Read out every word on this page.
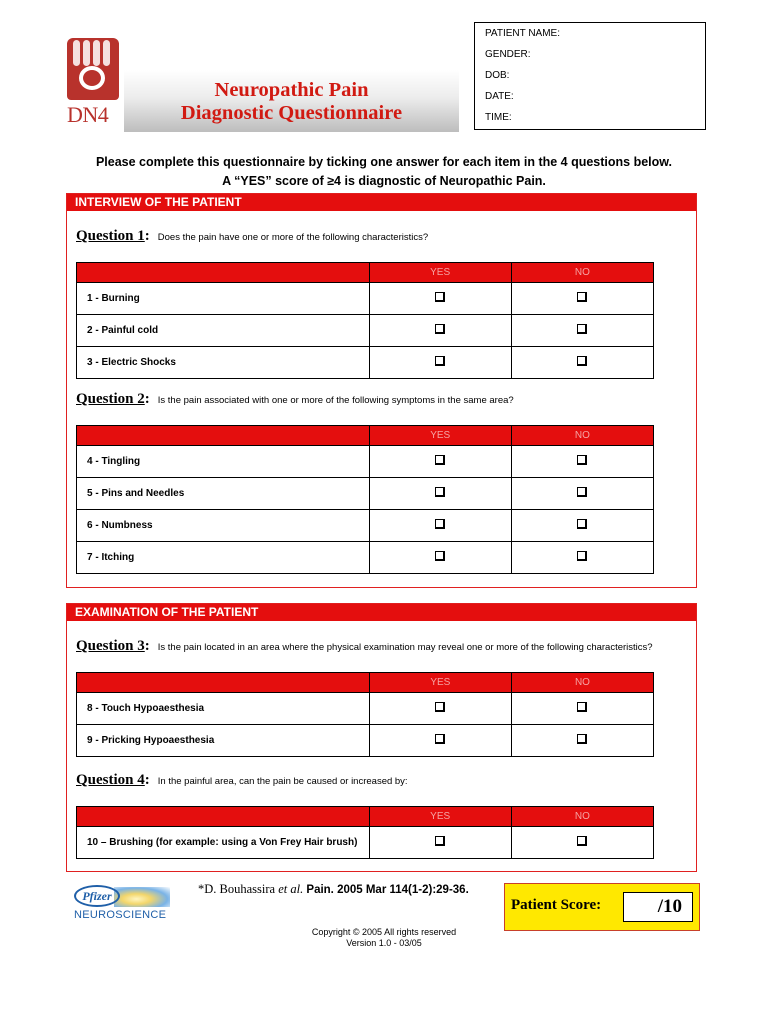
DN4
Neuropathic Pain
Diagnostic Questionnaire
PATIENT NAME:
GENDER:
DOB:
DATE:
TIME:
Please complete this questionnaire by ticking one answer for each item in the 4 questions below.
A “YES” score of ≥4 is diagnostic of Neuropathic Pain.
INTERVIEW OF THE PATIENT
Question 1: Does the pain have one or more of the following characteristics?
	YES	NO
1 - Burning		
2 - Painful cold		
3 - Electric Shocks		
Question 2: Is the pain associated with one or more of the following symptoms in the same area?
	YES	NO
4 - Tingling		
5 - Pins and Needles		
6 - Numbness		
7 - Itching		
EXAMINATION OF THE PATIENT
Question 3: Is the pain located in an area where the physical examination may reveal one or more of the following characteristics?
	YES	NO
8 - Touch Hypoaesthesia		
9 - Pricking Hypoaesthesia		
Question 4: In the painful area, can the pain be caused or increased by:
	YES	NO
10 – Brushing (for example: using a Von Frey Hair brush)		
Pfizer
NEUROSCIENCE
*D. Bouhassira et al. Pain. 2005 Mar 114(1-2):29-36.
Copyright © 2005 All rights reserved
Version 1.0 - 03/05
Patient Score:	/10
